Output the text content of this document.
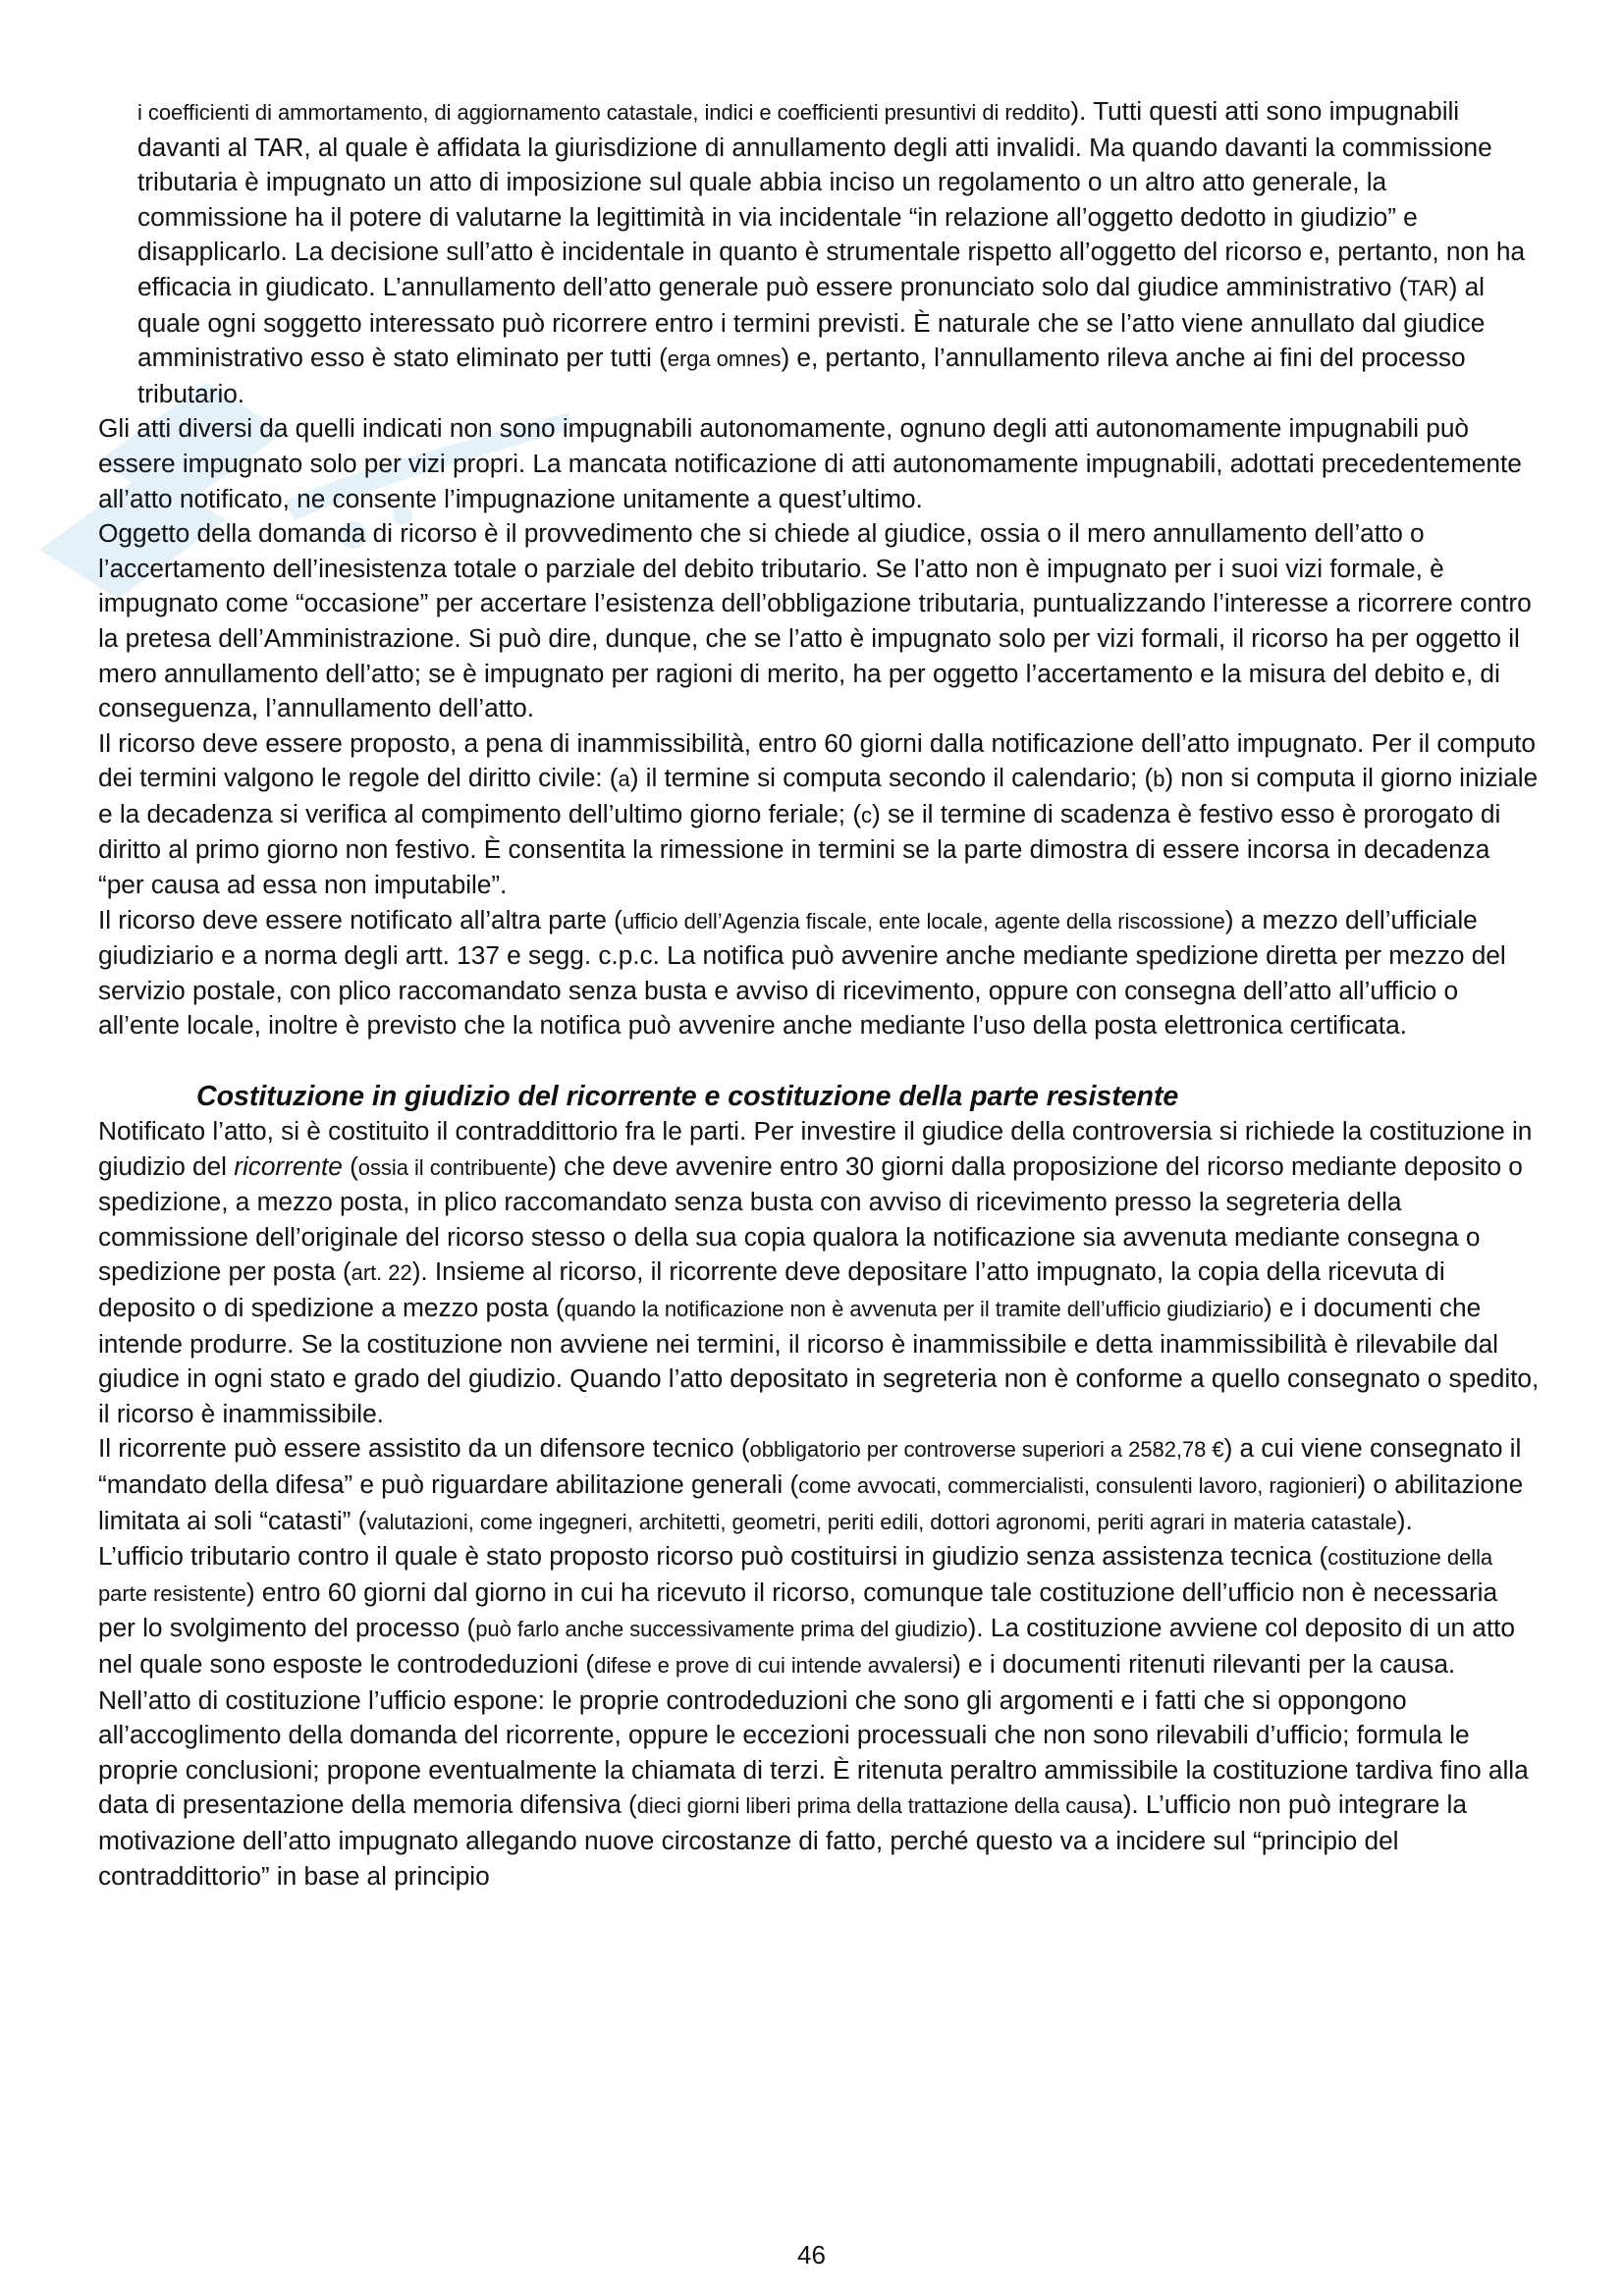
i coefficienti di ammortamento, di aggiornamento catastale, indici e coefficienti presuntivi di reddito). Tutti questi atti sono impugnabili davanti al TAR, al quale è affidata la giurisdizione di annullamento degli atti invalidi. Ma quando davanti la commissione tributaria è impugnato un atto di imposizione sul quale abbia inciso un regolamento o un altro atto generale, la commissione ha il potere di valutarne la legittimità in via incidentale “in relazione all’oggetto dedotto in giudizio” e disapplicarlo. La decisione sull’atto è incidentale in quanto è strumentale rispetto all’oggetto del ricorso e, pertanto, non ha efficacia in giudicato. L’annullamento dell’atto generale può essere pronunciato solo dal giudice amministrativo (TAR) al quale ogni soggetto interessato può ricorrere entro i termini previsti. È naturale che se l’atto viene annullato dal giudice amministrativo esso è stato eliminato per tutti (erga omnes) e, pertanto, l’annullamento rileva anche ai fini del processo tributario.

Gli atti diversi da quelli indicati non sono impugnabili autonomamente, ognuno degli atti autonomamente impugnabili può essere impugnato solo per vizi propri. La mancata notificazione di atti autonomamente impugnabili, adottati precedentemente all’atto notificato, ne consente l’impugnazione unitamente a quest’ultimo.

Oggetto della domanda di ricorso è il provvedimento che si chiede al giudice, ossia o il mero annullamento dell’atto o l’accertamento dell’inesistenza totale o parziale del debito tributario. Se l’atto non è impugnato per i suoi vizi formale, è impugnato come “occasione” per accertare l’esistenza dell’obbligazione tributaria, puntualizzando l’interesse a ricorrere contro la pretesa dell’Amministrazione. Si può dire, dunque, che se l’atto è impugnato solo per vizi formali, il ricorso ha per oggetto il mero annullamento dell’atto; se è impugnato per ragioni di merito, ha per oggetto l’accertamento e la misura del debito e, di conseguenza, l’annullamento dell’atto.

Il ricorso deve essere proposto, a pena di inammissibilità, entro 60 giorni dalla notificazione dell’atto impugnato. Per il computo dei termini valgono le regole del diritto civile: (a) il termine si computa secondo il calendario; (b) non si computa il giorno iniziale e la decadenza si verifica al compimento dell’ultimo giorno feriale; (c) se il termine di scadenza è festivo esso è prorogato di diritto al primo giorno non festivo. È consentita la rimessione in termini se la parte dimostra di essere incorsa in decadenza “per causa ad essa non imputabile”.

Il ricorso deve essere notificato all’altra parte (ufficio dell’Agenzia fiscale, ente locale, agente della riscossione) a mezzo dell’ufficiale giudiziario e a norma degli artt. 137 e segg. c.p.c. La notifica può avvenire anche mediante spedizione diretta per mezzo del servizio postale, con plico raccomandato senza busta e avviso di ricevimento, oppure con consegna dell’atto all’ufficio o all’ente locale, inoltre è previsto che la notifica può avvenire anche mediante l’uso della posta elettronica certificata.

Costituzione in giudizio del ricorrente e costituzione della parte resistente

Notificato l’atto, si è costituito il contraddittorio fra le parti. Per investire il giudice della controversia si richiede la costituzione in giudizio del ricorrente (ossia il contribuente) che deve avvenire entro 30 giorni dalla proposizione del ricorso mediante deposito o spedizione, a mezzo posta, in plico raccomandato senza busta con avviso di ricevimento presso la segreteria della commissione dell’originale del ricorso stesso o della sua copia qualora la notificazione sia avvenuta mediante consegna o spedizione per posta (art. 22). Insieme al ricorso, il ricorrente deve depositare l’atto impugnato, la copia della ricevuta di deposito o di spedizione a mezzo posta (quando la notificazione non è avvenuta per il tramite dell’ufficio giudiziario) e i documenti che intende produrre. Se la costituzione non avviene nei termini, il ricorso è inammissibile e detta inammissibilità è rilevabile dal giudice in ogni stato e grado del giudizio. Quando l’atto depositato in segreteria non è conforme a quello consegnato o spedito, il ricorso è inammissibile.

Il ricorrente può essere assistito da un difensore tecnico (obbligatorio per controverse superiori a 2582,78 €) a cui viene consegnato il “mandato della difesa” e può riguardare abilitazione generali (come avvocati, commercialisti, consulenti lavoro, ragionieri) o abilitazione limitata ai soli “catasti” (valutazioni, come ingegneri, architetti, geometri, periti edili, dottori agronomi, periti agrari in materia catastale).

L’ufficio tributario contro il quale è stato proposto ricorso può costituirsi in giudizio senza assistenza tecnica (costituzione della parte resistente) entro 60 giorni dal giorno in cui ha ricevuto il ricorso, comunque tale costituzione dell’ufficio non è necessaria per lo svolgimento del processo (può farlo anche successivamente prima del giudizio). La costituzione avviene col deposito di un atto nel quale sono esposte le controdeduzioni (difese e prove di cui intende avvalersi) e i documenti ritenuti rilevanti per la causa. Nell’atto di costituzione l’ufficio espone: le proprie controdeduzioni che sono gli argomenti e i fatti che si oppongono all’accoglimento della domanda del ricorrente, oppure le eccezioni processuali che non sono rilevabili d’ufficio; formula le proprie conclusioni; propone eventualmente la chiamata di terzi. È ritenuta peraltro ammissibile la costituzione tardiva fino alla data di presentazione della memoria difensiva (dieci giorni liberi prima della trattazione della causa). L’ufficio non può integrare la motivazione dell’atto impugnato allegando nuove circostanze di fatto, perché questo va a incidere sul “principio del contraddittorio” in base al principio

46
